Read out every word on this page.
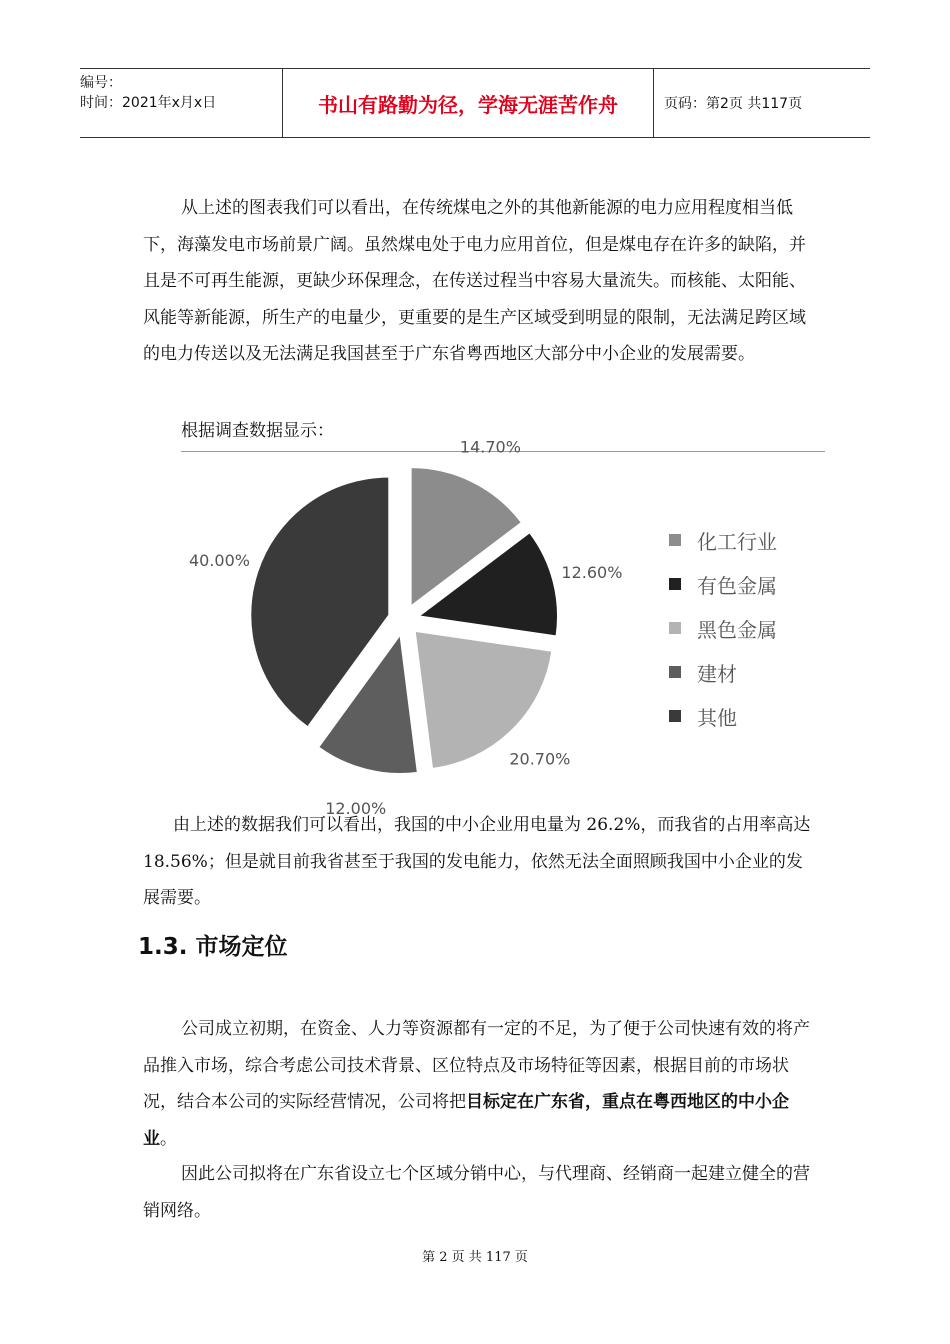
编号：
时间：2021年x月x日	书山有路勤为径，学海无涯苦作舟	页码：第2页 共117页
从上述的图表我们可以看出，在传统煤电之外的其他新能源的电力应用程度相当低下，海藻发电市场前景广阔。虽然煤电处于电力应用首位，但是煤电存在许多的缺陷，并且是不可再生能源，更缺少环保理念，在传送过程当中容易大量流失。而核能、太阳能、风能等新能源，所生产的电量少，更重要的是生产区域受到明显的限制，无法满足跨区域的电力传送以及无法满足我国甚至于广东省粤西地区大部分中小企业的发展需要。
根据调查数据显示：
14.70%
12.60%
20.70%
12.00%
40.00%
化工行业
有色金属
黑色金属
建材
其他
由上述的数据我们可以看出，我国的中小企业用电量为 26.2%，而我省的占用率高达 18.56%；但是就目前我省甚至于我国的发电能力，依然无法全面照顾我国中小企业的发展需要。
1.3. 市场定位
公司成立初期，在资金、人力等资源都有一定的不足，为了便于公司快速有效的将产品推入市场，综合考虑公司技术背景、区位特点及市场特征等因素，根据目前的市场状况，结合本公司的实际经营情况，公司将把目标定在广东省，重点在粤西地区的中小企业。
因此公司拟将在广东省设立七个区域分销中心，与代理商、经销商一起建立健全的营销网络。
第 2 页 共 117 页
